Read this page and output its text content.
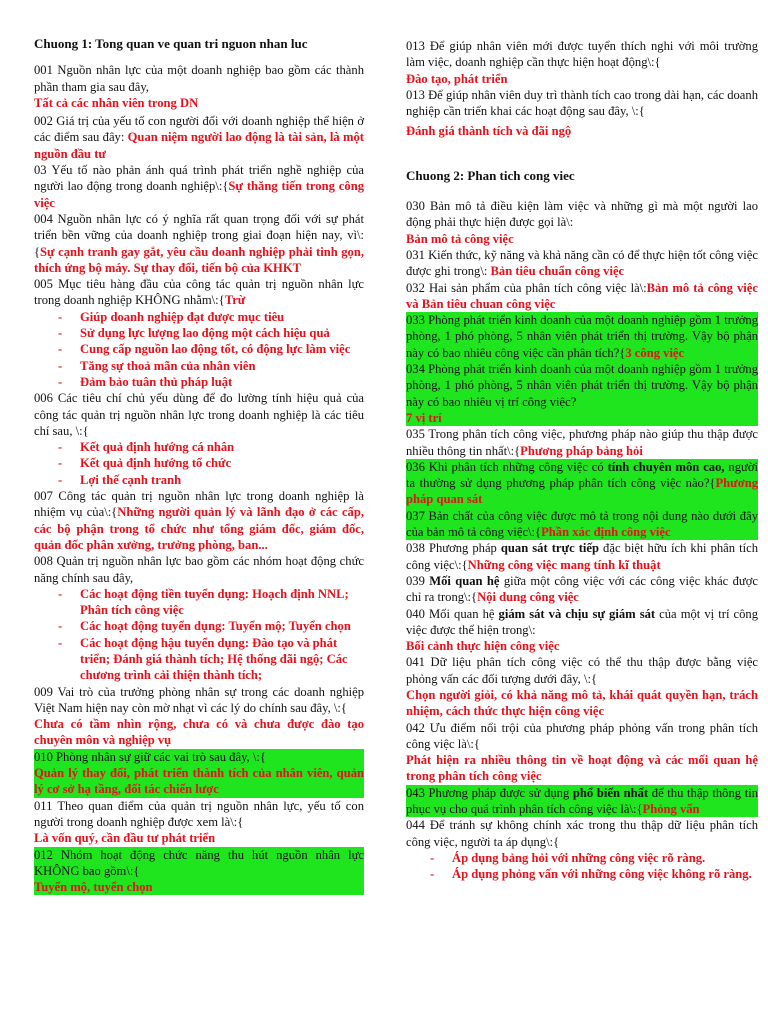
Chuong 1: Tong quan ve quan tri nguon nhan luc

001 Nguồn nhân lực của một doanh nghiệp bao gồm các thành phần tham gia sau đây,
Tất cả các nhân viên trong DN

002 Giá trị của yếu tố con người đối với doanh nghiệp thể hiện ở các điểm sau đây: Quan niệm người lao động là tài sản, là một nguồn đầu tư

03 Yếu tố nào phản ánh quá trình phát triển nghề nghiệp của người lao động trong doanh nghiệp\:{Sự thăng tiến trong công việc

004 Nguồn nhân lực có ý nghĩa rất quan trọng đối với sự phát triển bền vững của doanh nghiệp trong giai đoạn hiện nay, vì\:{Sự cạnh tranh gay gắt, yêu cầu doanh nghiệp phải tinh gọn, thích ứng bộ máy. Sự thay đổi, tiến bộ của KHKT

005 Mục tiêu hàng đầu của công tác quản trị nguồn nhân lực trong doanh nghiệp KHÔNG nhằm\:{Trừ

- Giúp doanh nghiệp đạt được mục tiêu
- Sử dụng lực lượng lao động một cách hiệu quả
- Cung cấp nguồn lao động tốt, có động lực làm việc
- Tăng sự thoả mãn của nhân viên
- Đảm bảo tuân thủ pháp luật

006 Các tiêu chí chủ yếu dùng để đo lường tính hiệu quả của công tác quản trị nguồn nhân lực trong doanh nghiệp là các tiêu chí sau, \:{

- Kết quả định hướng cá nhân
- Kết quả định hướng tổ chức
- Lợi thế cạnh tranh

007 Công tác quản trị nguồn nhân lực trong doanh nghiệp là nhiệm vụ của\:{Những người quản lý và lãnh đạo ở các cấp, các bộ phận trong tổ chức như tổng giám đốc, giám đốc, quản đốc phân xưởng, trưởng phòng, ban...

008 Quản trị nguồn nhân lực bao gồm các nhóm hoạt động chức năng chính sau đây,

- Các hoạt động tiền tuyển dụng: Hoạch định NNL; Phân tích công việc
- Các hoạt động tuyển dụng: Tuyển mộ; Tuyển chọn
- Các hoạt động hậu tuyển dụng: Đào tạo và phát triển; Đánh giá thành tích; Hệ thống đãi ngộ; Các chương trình cải thiện thành tích;

009 Vai trò của trưởng phòng nhân sự trong các doanh nghiệp Việt Nam hiện nay còn mờ nhạt vì các lý do chính sau đây, \:{
Chưa có tầm nhìn rộng, chưa có và chưa được đào tạo chuyên môn và nghiệp vụ

010 Phòng nhân sự giữ các vai trò sau đây, \:{
Quản lý thay đổi, phát triển thành tích của nhân viên, quản lý cơ sở hạ tầng, đối tác chiến lược

011 Theo quan điểm của quản trị nguồn nhân lực, yếu tố con người trong doanh nghiệp được xem là\:{
Là vốn quý, cần đầu tư phát triển

012 Nhóm hoạt động chức năng thu hút nguồn nhân lực KHÔNG bao gồm\:{
Tuyển mộ, tuyển chọn

013 Để giúp nhân viên mới được tuyển thích nghi với môi trường làm việc, doanh nghiệp cần thực hiện hoạt động\:{
Đào tạo, phát triển

013 Để giúp nhân viên duy trì thành tích cao trong dài hạn, các doanh nghiệp cần triển khai các hoạt động sau đây, \:{
Đánh giá thành tích và đãi ngộ

Chuong 2: Phan tich cong viec

030 Bản mô tả điều kiện làm việc và những gì mà một người lao động phải thực hiện được gọi là\:
Bản mô tả công việc

031 Kiến thức, kỹ năng và khả năng cần có để thực hiện tốt công việc được ghi trong\: Bản tiêu chuẩn công việc

032 Hai sản phẩm của phân tích công việc là\:Bản mô tả công việc và Bản tiêu chuan công việc

033 Phòng phát triển kinh doanh của một doanh nghiệp gồm 1 trưởng phòng, 1 phó phòng, 5 nhân viên phát triển thị trường. Vậy bộ phận này có bao nhiêu công việc cần phân tích?{3 công việc

034 Phòng phát triển kinh doanh của một doanh nghiệp gồm 1 trưởng phòng, 1 phó phòng, 5 nhân viên phát triển thị trường. Vậy bộ phận này có bao nhiêu vị trí công việc?
7 vị trí

035 Trong phân tích công việc, phương pháp nào giúp thu thập được nhiều thông tin nhất\:{Phương pháp bảng hỏi

036 Khi phân tích những công việc có tính chuyên môn cao, người ta thường sử dụng phương pháp phân tích công việc nào?{Phương pháp quan sát

037 Bản chất của công việc được mô tả trong nội dung nào dưới đây của bản mô tả công việc\:{Phần xác định công việc

038 Phương pháp quan sát trực tiếp đặc biệt hữu ích khi phân tích công việc\:{Những công việc mang tính kĩ thuật

039 Mối quan hệ giữa một công việc với các công việc khác được chỉ ra trong\:{Nội dung công việc

040 Mối quan hệ giám sát và chịu sự giám sát của một vị trí công việc được thể hiện trong\:
Bối cảnh thực hiện công việc

041 Dữ liệu phân tích công việc có thể thu thập được bằng việc phỏng vấn các đối tượng dưới đây, \:{
Chọn người giỏi, có khả năng mô tả, khái quát quyền hạn, trách nhiệm, cách thức thực hiện công việc

042 Ưu điểm nổi trội của phương pháp phỏng vấn trong phân tích công việc là\:{
Phát hiện ra nhiều thông tin về hoạt động và các mối quan hệ trong phân tích công việc

043 Phương pháp được sử dụng phổ biến nhất để thu thập thông tin phục vụ cho quá trình phân tích công việc là\:{Phỏng vấn

044 Để tránh sự không chính xác trong thu thập dữ liệu phân tích công việc, người ta áp dụng\:{

- Áp dụng bảng hỏi với những công việc rõ ràng.
- Áp dụng phỏng vấn với những công việc không rõ ràng.
